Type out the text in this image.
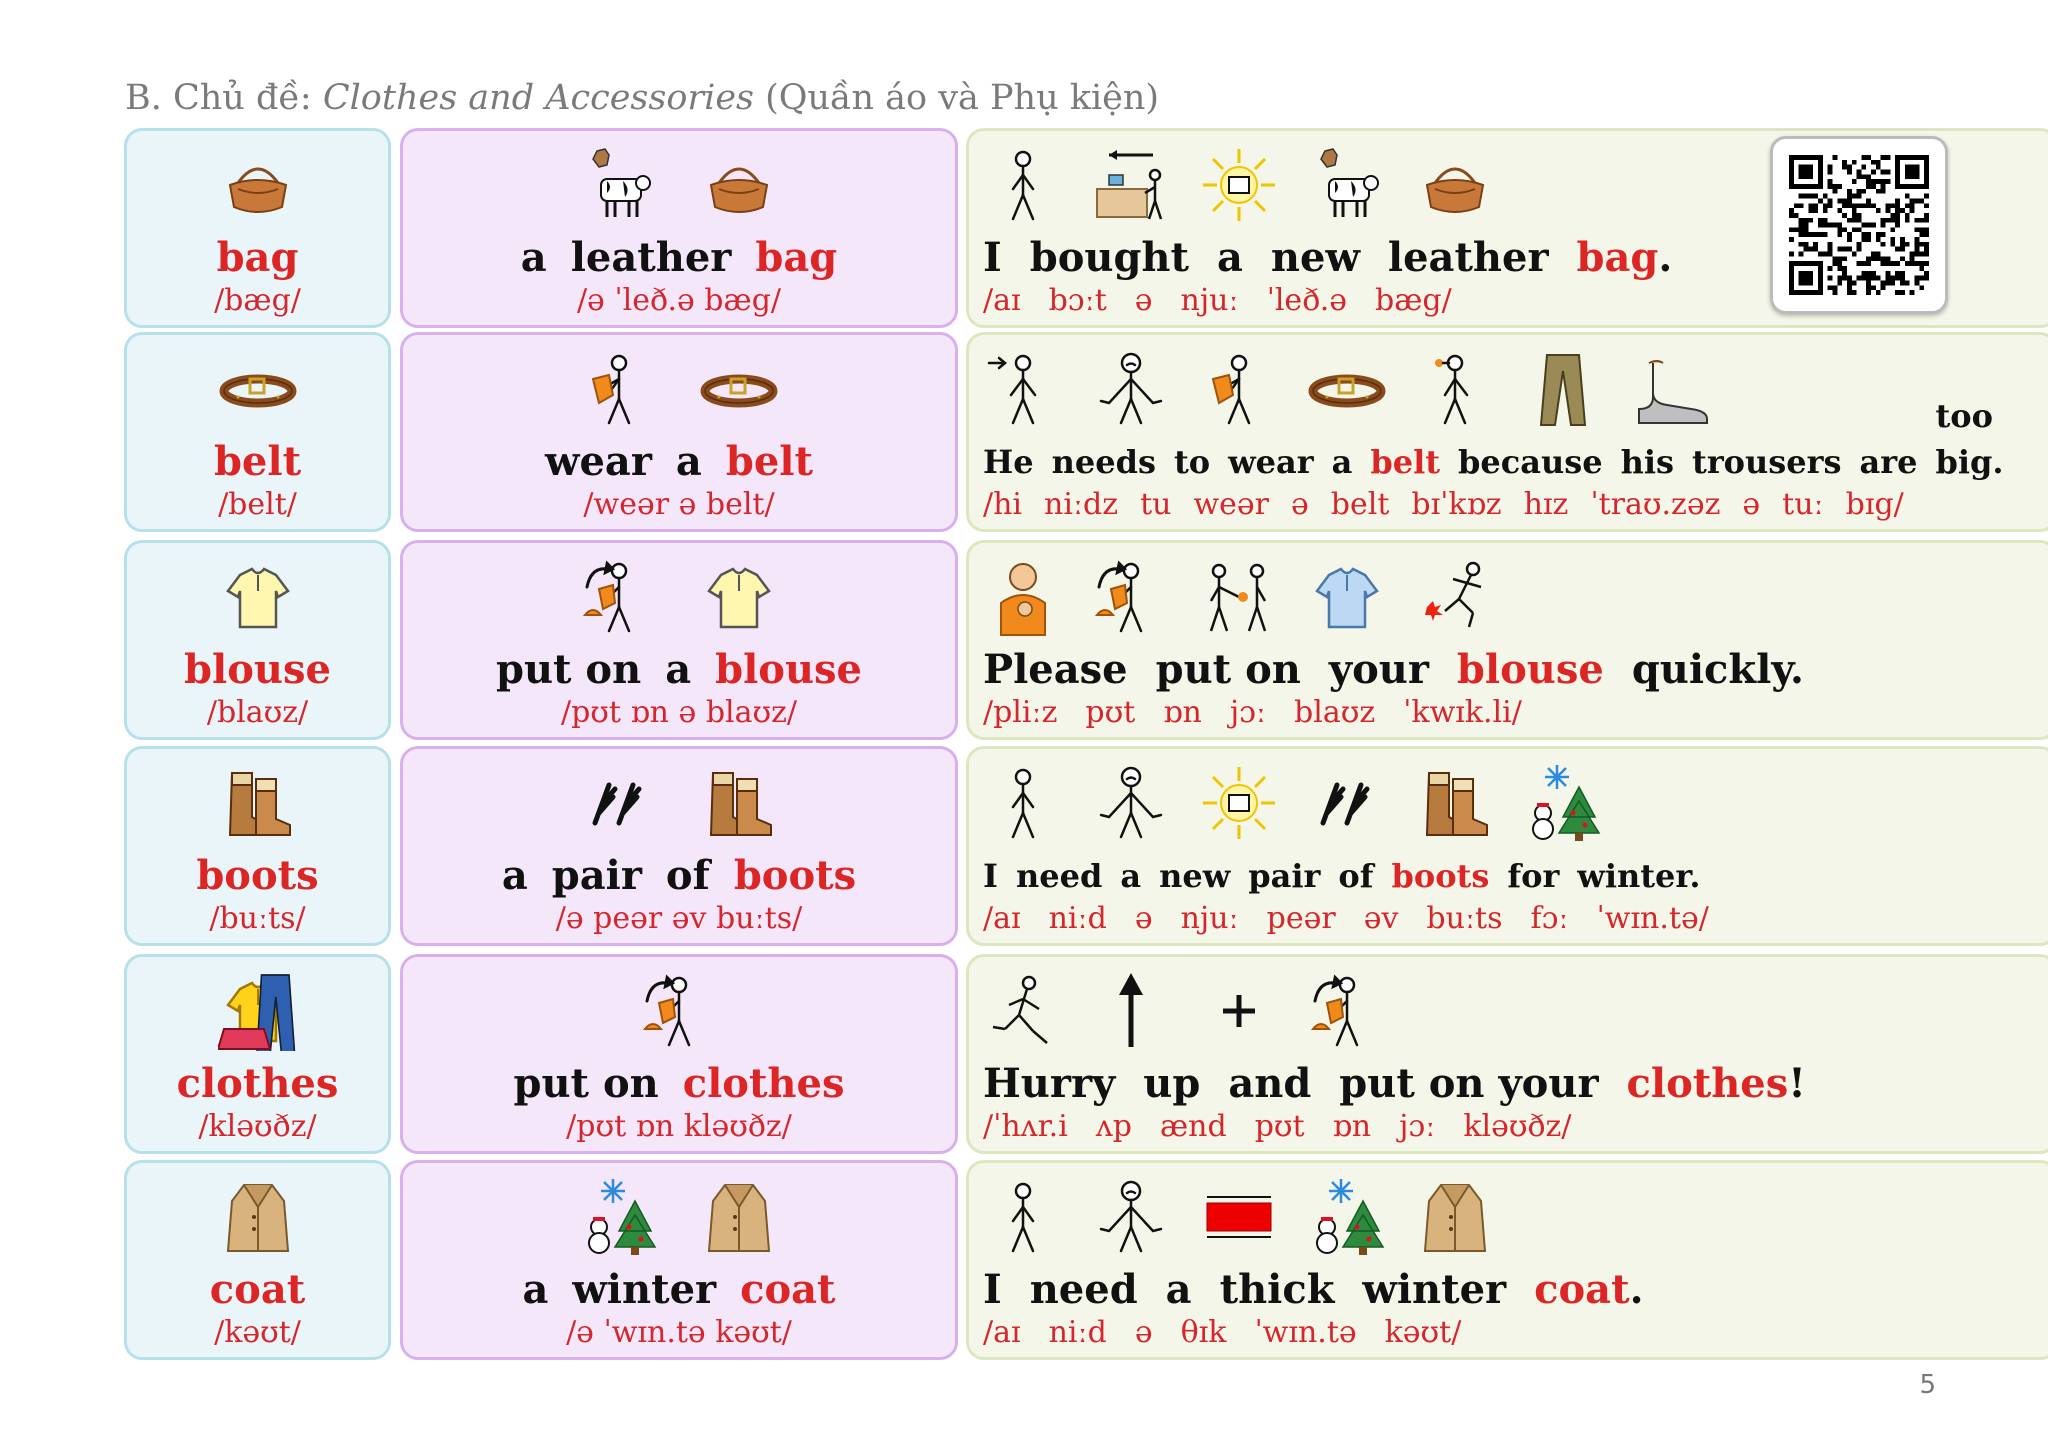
B. Chủ đề: Clothes and Accessories (Quần áo và Phụ kiện)
bag
/bæg/
a leather bag
/ə ˈleð.ə bæg/
I bought a new leather bag.
/aɪ bɔːt ə njuː ˈleð.ə bæg/
belt
/belt/
wear a belt
/weər ə belt/
He needs to wear a belt because his trousers are
too big.
/hi niːdz tu weər ə belt bɪˈkɒz hɪz ˈtraʊ.zəz ə tuː bɪg/
blouse
/blaʊz/
put on a blouse
/pʊt ɒn ə blaʊz/
Please put on your blouse quickly.
/pliːz pʊt ɒn jɔː blaʊz ˈkwɪk.li/
boots
/buːts/
a pair of boots
/ə peər əv buːts/
I need a new pair of boots for winter.
/aɪ niːd ə njuː peər əv buːts fɔː ˈwɪn.tə/
clothes
/kləʊðz/
put on clothes
/pʊt ɒn kləʊðz/
Hurry up and put on your clothes!
/ˈhʌr.i ʌp ænd pʊt ɒn jɔː kləʊðz/
coat
/kəʊt/
a winter coat
/ə ˈwɪn.tə kəʊt/
I need a thick winter coat.
/aɪ niːd ə θɪk ˈwɪn.tə kəʊt/
5
